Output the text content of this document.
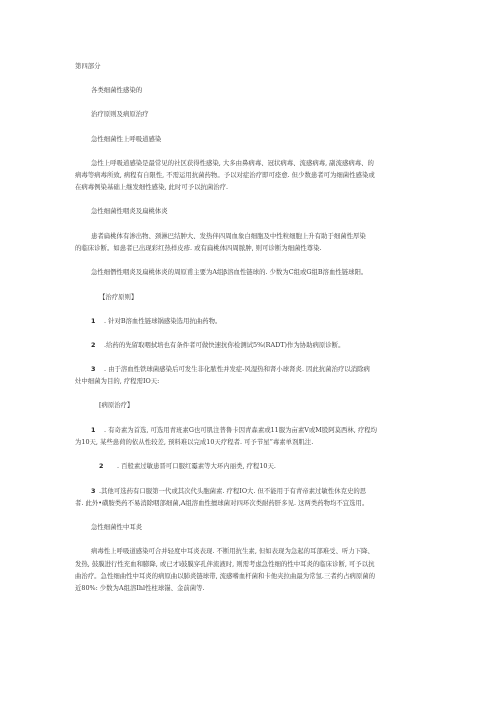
第四部分
各类细菌性感染的
治疗原则及病原治疗
急性细菌性上呼吸道感染
急性上呼吸道感染是最常见的社区获得性感染, 大多由鼻病毒、冠状病毒、流感病毒, 副流感病毒、的
病毒等病毒所致, 病程有自限性, 不需运用抗菌药物。予以对症治疗即可痊愈. 但少数患者可为细菌性感染或
在病毒例染基础上继发细性感染, 此时可予以抗菌治疗.
急性细菌性咽炎及扁桃体炎
患者扁桃体有渗出物、颈淋巴结肿大、发热伴四周血象白细胞及中性粒细胞上升有助于细菌性厚染
的临床诊断。如患者已出现彩红热样皮疹. 或有扁桃体四周脓肿, 则可诊断为细菌性尊染.
急性细僭性咽炎及扁桃体炎的周原甫主要为A组β溶血性链球的. 少数为C组或G组B溶血性链球阳。
【治疗原则】
1 . 针对B溶血性链球锅感染选用抗曲药物。
2 .给药的先留取咽拭培也有条件者可做快速抗你检测试5%(RADT)作为协助病原诊断。
3 . 由于溶血性铁球菌感染后可发生非化脓性并发症-风湿热和肾小球肾炎. 因此抗菌治疗以消除病
灶中细菌为目的, 疗程需IO天:
[病原治疗】
1 . 有奇素为首选, 可选用青班素G也可肌注普鲁卡因青森素或11服为亩素V或M股阿莫西林, 疗程均
为10天, 某些患荷的依从性较差, 预料难以完成10天疗程者. 可予节星”毒素单剂肌注.
2 . 百般素过敏患晋可口服红霉素等大环内丽类, 疗程10天.
3 .其他可选药有口服第一代或其次代头胞菌素. 疗程IO大. 但不能用于有青帝素过敏性休克史的思
者. 此外•磺胺类药不易消除咽部细菌,A组溶血性擅球菌对四环次类耐药肝多见. 这两类药物均不宜选用。
急性细菌性中耳炎
病毒性上呼吸道感染可合并轻度中耳炎表现. 不断用抗生素, 但如表现为急起的耳部难受、听力下降、
发热, 鼓膜进行性充血和膨降, 或已才i鼓膜穿孔伴流液时, 则需考虑急性细的性中耳炎的临床诊断, 可予以抗
曲治疗。急性细曲性中耳炎的病原曲以肺炎链球带, 流感嗜血杆菌和卡他夹拉曲最为常氢.三者约占病原菌的
近80%: 少数为A组溶Ihl性柱球锚、金前菌等.
